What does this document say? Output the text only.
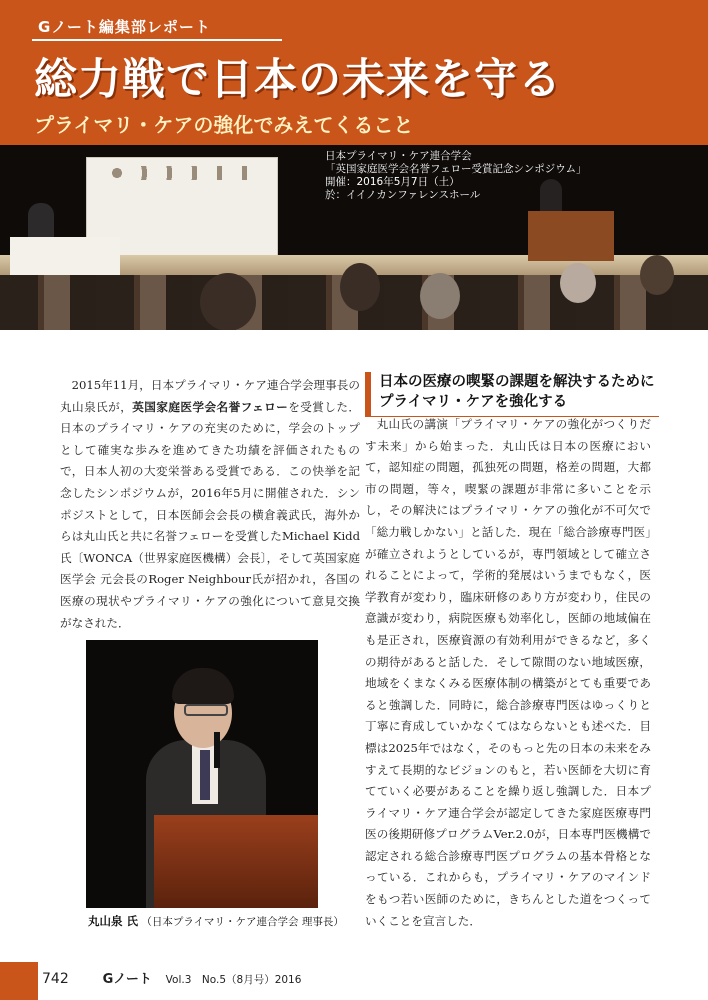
Gノート編集部レポート
総力戦で日本の未来を守る
プライマリ・ケアの強化でみえてくること
日本プライマリ・ケア連合学会
「英国家庭医学会名誉フェロー受賞記念シンポジウム」
開催：2016年5月7日（土）
於：イイノカンファレンスホール

2015年11月，日本プライマリ・ケア連合学会理事長の丸山泉氏が，英国家庭医学会名誉フェローを受賞した．日本のプライマリ・ケアの充実のために，学会のトップとして確実な歩みを進めてきた功績を評価されたもので，日本人初の大変栄誉ある受賞である．この快挙を記念したシンポジウムが，2016年5月に開催された．シンポジストとして，日本医師会会長の横倉義武氏，海外からは丸山氏と共に名誉フェローを受賞したMichael Kidd氏〔WONCA（世界家庭医機構）会長〕，そして英国家庭医学会 元会長のRoger Neighbour氏が招かれ，各国の医療の現状やプライマリ・ケアの強化について意見交換がなされた．

日本の医療の喫緊の課題を解決するためにプライマリ・ケアを強化する

丸山氏の講演「プライマリ・ケアの強化がつくりだす未来」から始まった．丸山氏は日本の医療において，認知症の問題，孤独死の問題，格差の問題，大都市の問題，等々，喫緊の課題が非常に多いことを示し，その解決にはプライマリ・ケアの強化が不可欠で「総力戦しかない」と話した．現在「総合診療専門医」が確立されようとしているが，専門領域として確立されることによって，学術的発展はいうまでもなく，医学教育が変わり，臨床研修のあり方が変わり，住民の意識が変わり，病院医療も効率化し，医師の地域偏在も是正され，医療資源の有効利用ができるなど，多くの期待があると話した．そして隙間のない地域医療，地域をくまなくみる医療体制の構築がとても重要であると強調した．同時に，総合診療専門医はゆっくりと丁寧に育成していかなくてはならないとも述べた．目標は2025年ではなく，そのもっと先の日本の未来をみすえて長期的なビジョンのもと，若い医師を大切に育てていく必要があることを繰り返し強調した．日本プライマリ・ケア連合学会が認定してきた家庭医療専門医の後期研修プログラムVer.2.0が，日本専門医機構で認定される総合診療専門医プログラムの基本骨格となっている．これからも，プライマリ・ケアのマインドをもつ若い医師のために，きちんとした道をつくっていくことを宣言した．

丸山泉 氏 （日本プライマリ・ケア連合学会 理事長）
742	Gノート Vol.3　No.5（8月号）2016
